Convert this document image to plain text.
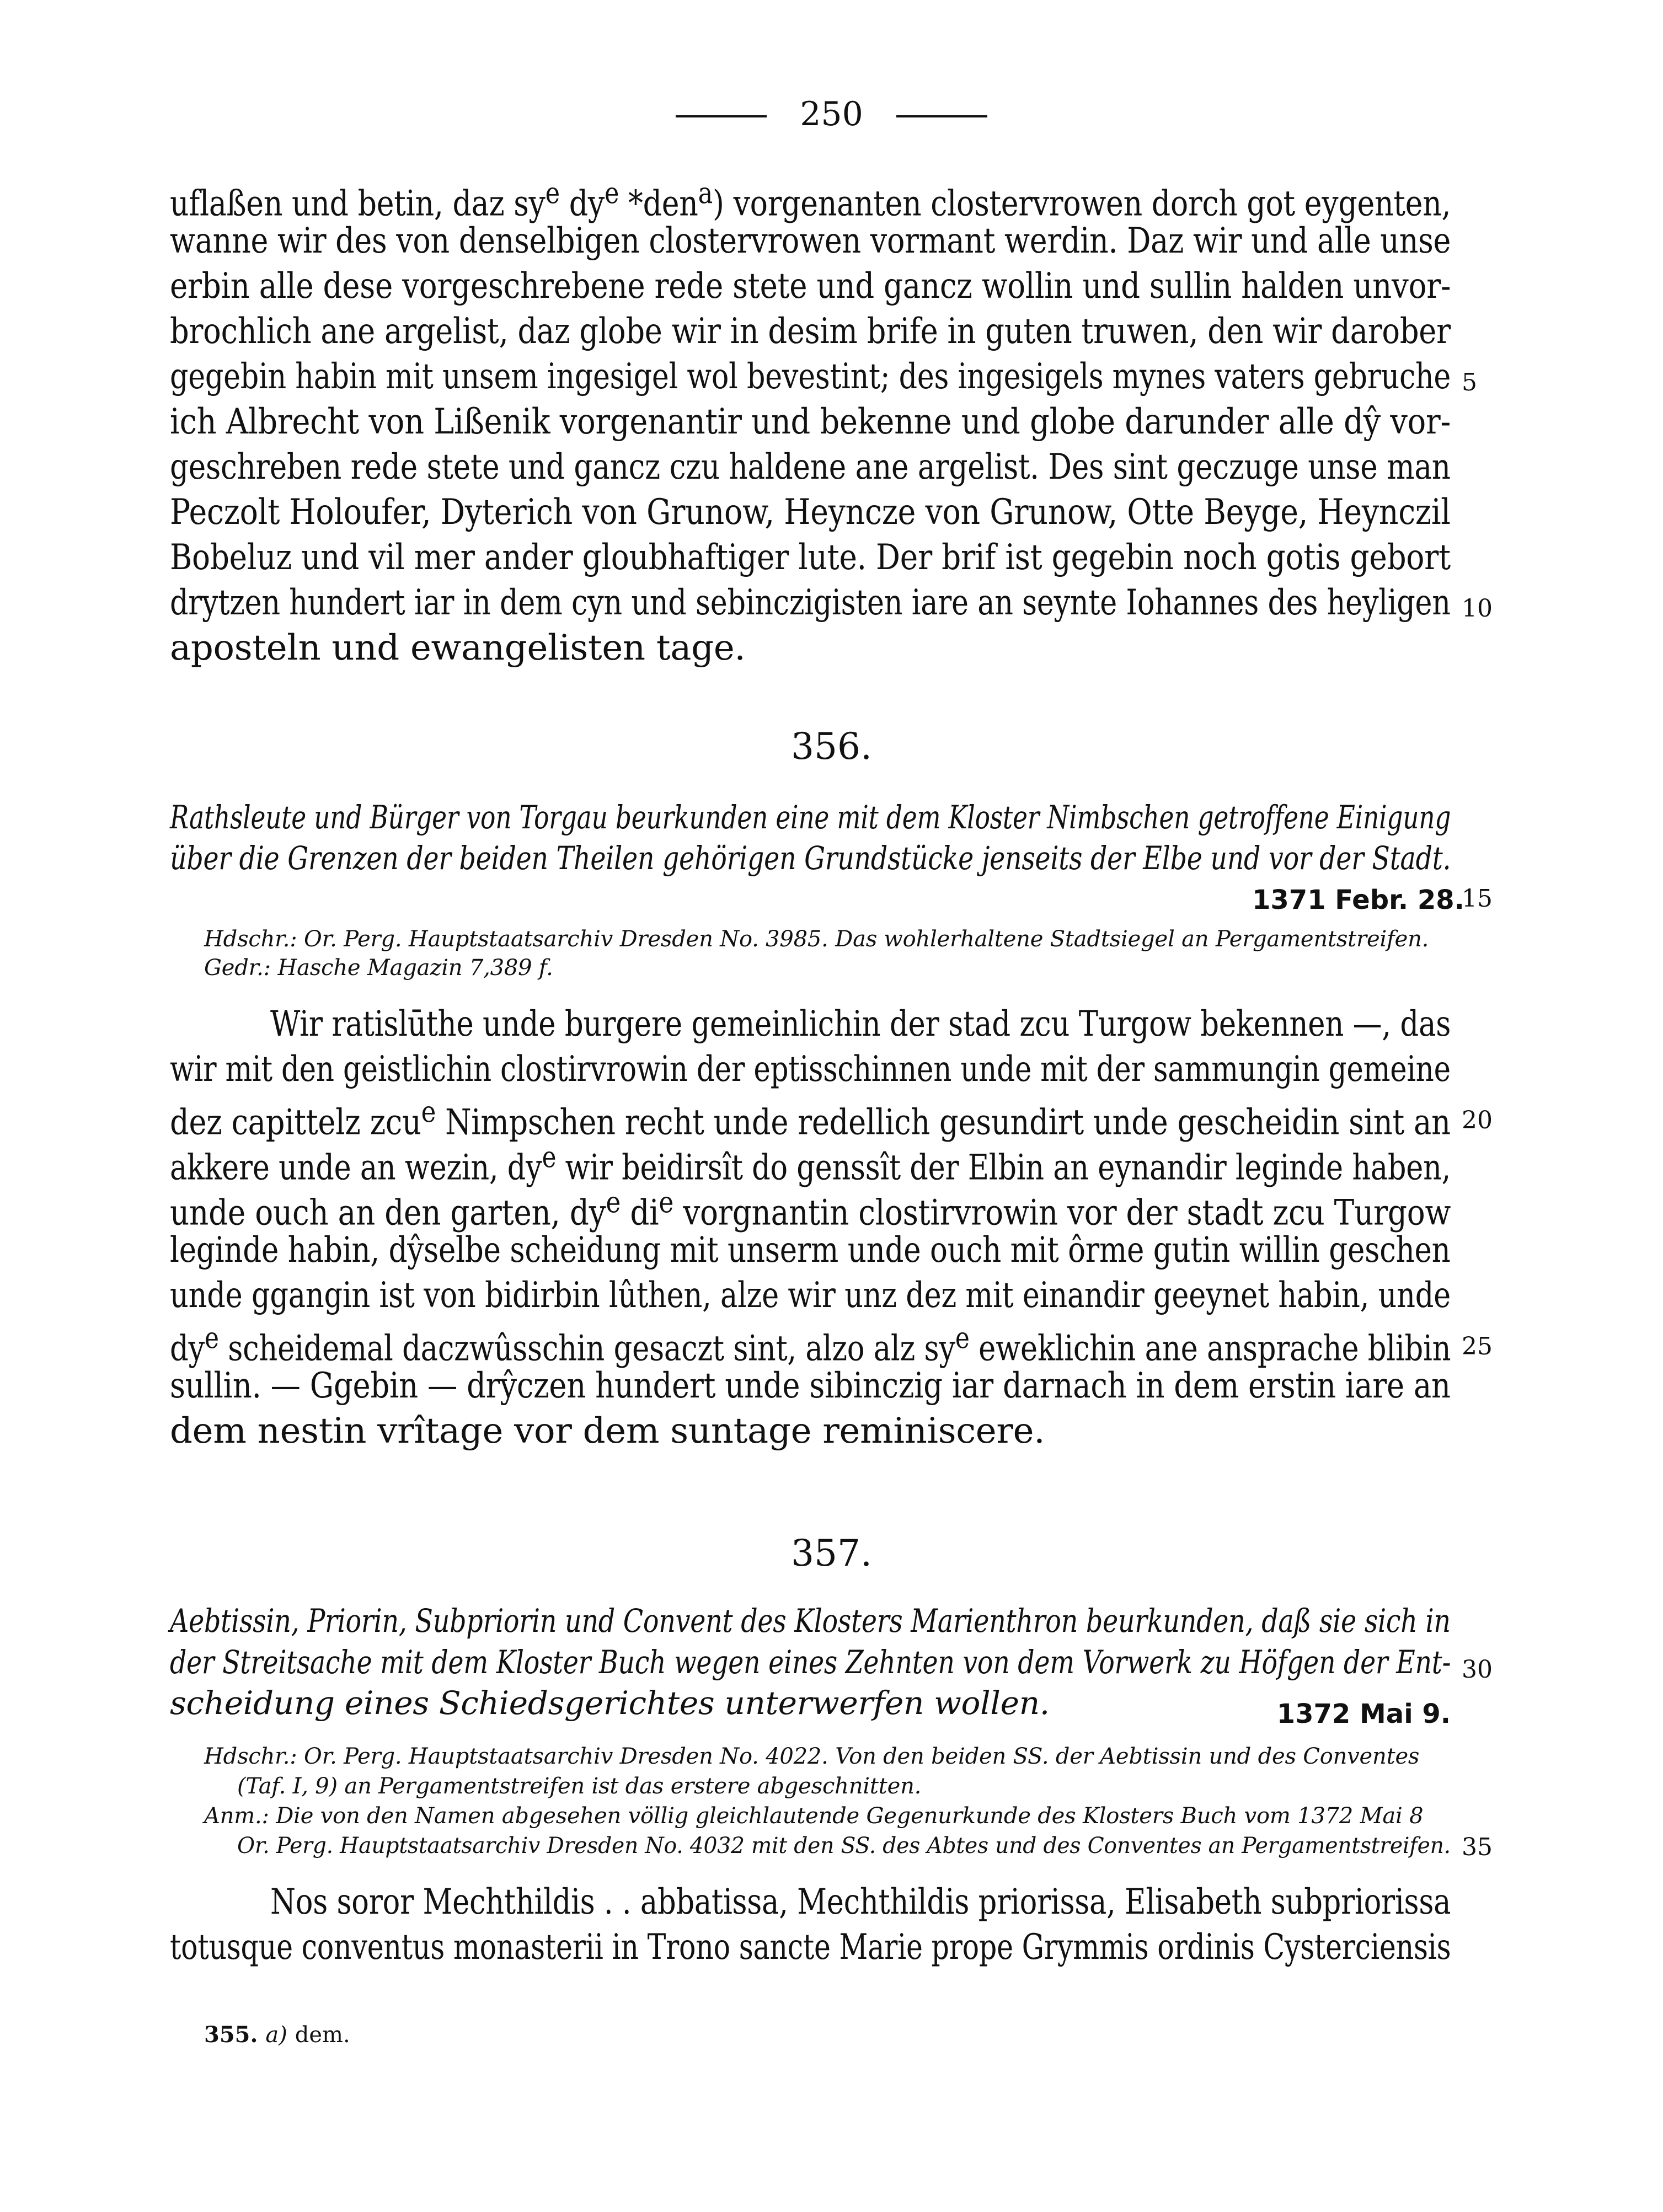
250
uflaßen und betin, daz $sy^e$ $dy^e$ *den$^a$) vorgenanten clostervrowen dorch got eygenten,
wanne wir des von denselbigen clostervrowen vormant werdin. Daz wir und alle unse
erbin alle dese vorgeschrebene rede stete und gancz wollin und sullin halden unvor-
brochlich ane argelist, daz globe wir in desim brife in guten truwen, den wir darober
gegebin habin mit unsem ingesigel wol bevestint; des ingesigels mynes vaters gebruche
ich Albrecht von Lißenik vorgenantir und bekenne und globe darunder alle dŷ vor-
geschreben rede stete und gancz czu haldene ane argelist. Des sint geczuge unse man
Peczolt Holoufer, Dyterich von Grunow, Heyncze von Grunow, Otte Beyge, Heynczil
Bobeluz und vil mer ander gloubhaftiger lute. Der brif ist gegebin noch gotis gebort
drytzen hundert iar in dem cyn und sebinczigisten iare an seynte Iohannes des heyligen
aposteln und ewangelisten tage.
356.
Rathsleute und Bürger von Torgau beurkunden eine mit dem Kloster Nimbschen getroffene Einigung
über die Grenzen der beiden Theilen gehörigen Grundstücke jenseits der Elbe und vor der Stadt.
1371 Febr. 28.
Hdschr.: Or. Perg. Hauptstaatsarchiv Dresden No. 3985. Das wohlerhaltene Stadtsiegel an Pergamentstreifen.
Gedr.: Hasche Magazin 7,389 f.
Wir ratislūthe unde burgere gemeinlichin der stad zcu Turgow bekennen —, das
wir mit den geistlichin clostirvrowin der eptisschinnen unde mit der sammungin gemeine
dez capittelz zcu$^e$ Nimpschen recht unde redellich gesundirt unde gescheidin sint an
akkere unde an wezin, $dy^e$ wir beidirsît do genssît der Elbin an eynandir leginde haben,
unde ouch an den garten, $dy^e$ $di^e$ vorgnantin clostirvrowin vor der stadt zcu Turgow
leginde habin, dŷselbe scheidung mit unserm unde ouch mit ôrme gutin willin geschen
unde ggangin ist von bidirbin lûthen, alze wir unz dez mit einandir geeynet habin, unde
$dy^e$ scheidemal daczwûsschin gesaczt sint, alzo alz $sy^e$ eweklichin ane ansprache blibin
sullin. — Ggebin — drŷczen hundert unde sibinczig iar darnach in dem erstin iare an
dem nestin vrîtage vor dem suntage reminiscere.
357.
Aebtissin, Priorin, Subpriorin und Convent des Klosters Marienthron beurkunden, daß sie sich in
der Streitsache mit dem Kloster Buch wegen eines Zehnten von dem Vorwerk zu Höfgen der Ent-
scheidung eines Schiedsgerichtes unterwerfen wollen.	1372 Mai 9.
Hdschr.: Or. Perg. Hauptstaatsarchiv Dresden No. 4022. Von den beiden SS. der Aebtissin und des Conventes
(Taf. I, 9) an Pergamentstreifen ist das erstere abgeschnitten.
Anm.: Die von den Namen abgesehen völlig gleichlautende Gegenurkunde des Klosters Buch vom 1372 Mai 8
Or. Perg. Hauptstaatsarchiv Dresden No. 4032 mit den SS. des Abtes und des Conventes an Pergamentstreifen.
Nos soror Mechthildis . . abbatissa, Mechthildis priorissa, Elisabeth subpriorissa
totusque conventus monasterii in Trono sancte Marie prope Grymmis ordinis Cysterciensis
5
10
15
20
25
30
35
355. a) dem.
